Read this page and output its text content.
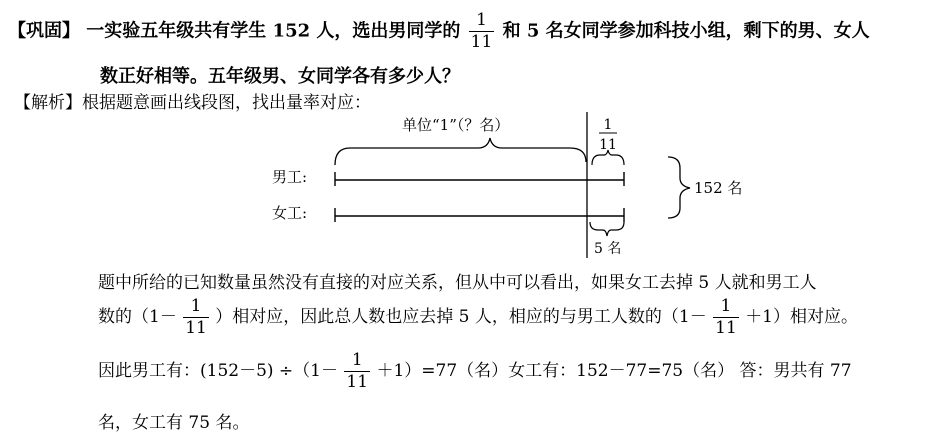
【巩固】 一实验五年级共有学生 152 人，选出男同学的 $\frac{1}{11}$ 和 5 名女同学参加科技小组，剩下的男、女人
数正好相等。五年级男、女同学各有多少人？
【解析】根据题意画出线段图，找出量率对应：
单位“1”（？名）	1
11
男工:
女工:
5 名
152 名
题中所给的已知数量虽然没有直接的对应关系，但从中可以看出，如果女工去掉 5 人就和男工人
数的（$1- \frac{1}{11}$ ）相对应，因此总人数也应去掉 5 人，相应的与男工人数的$(1- \frac{1}{11} +1)$相对应。
因此男工有：$(152-5) \div(1- \frac{1}{11} +1)=77$（名）女工有：152－77=75（名） 答：男共有 77
名，女工有 75 名。
